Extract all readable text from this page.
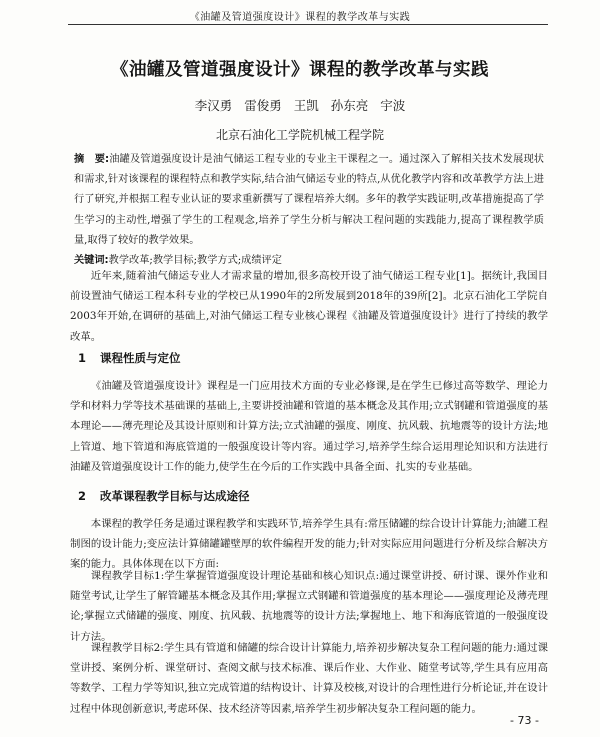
《油罐及管道强度设计》课程的教学改革与实践
《油罐及管道强度设计》课程的教学改革与实践
李汉勇 雷俊勇 王凯 孙东亮 宇波
北京石油化工学院机械工程学院
摘　要:油罐及管道强度设计是油气储运工程专业的专业主干课程之一。通过深入了解相关技术发展现状和需求,针对该课程的课程特点和教学实际,结合油气储运专业的特点,从优化教学内容和改革教学方法上进行了研究,并根据工程专业认证的要求重新撰写了课程培养大纲。多年的教学实践证明,改革措施提高了学生学习的主动性,增强了学生的工程观念,培养了学生分析与解决工程问题的实践能力,提高了课程教学质量,取得了较好的教学效果。
关键词:教学改革;教学目标;教学方式;成绩评定

近年来,随着油气储运专业人才需求量的增加,很多高校开设了油气储运工程专业[1]。据统计,我国目前设置油气储运工程本科专业的学校已从1990年的2所发展到2018年的39所[2]。北京石油化工学院自2003年开始,在调研的基础上,对油气储运工程专业核心课程《油罐及管道强度设计》进行了持续的教学改革。

1 课程性质与定位

《油罐及管道强度设计》课程是一门应用技术方面的专业必修课,是在学生已修过高等数学、理论力学和材料力学等技术基础课的基础上,主要讲授油罐和管道的基本概念及其作用;立式钢罐和管道强度的基本理论——薄壳理论及其设计原则和计算方法;立式油罐的强度、刚度、抗风载、抗地震等的设计方法;地上管道、地下管道和海底管道的一般强度设计等内容。通过学习,培养学生综合运用理论知识和方法进行油罐及管道强度设计工作的能力,使学生在今后的工作实践中具备全面、扎实的专业基础。

2 改革课程教学目标与达成途径

本课程的教学任务是通过课程教学和实践环节,培养学生具有:常压储罐的综合设计计算能力;油罐工程制图的设计能力;变应法计算储罐罐壁厚的软件编程开发的能力;针对实际应用问题进行分析及综合解决方案的能力。具体体现在以下方面:

课程教学目标1:学生掌握管道强度设计理论基础和核心知识点:通过课堂讲授、研讨课、课外作业和随堂考试,让学生了解管罐基本概念及其作用;掌握立式钢罐和管道强度的基本理论——强度理论及薄壳理论;掌握立式储罐的强度、刚度、抗风载、抗地震等的设计方法;掌握地上、地下和海底管道的一般强度设计方法。

课程教学目标2:学生具有管道和储罐的综合设计计算能力,培养初步解决复杂工程问题的能力:通过课堂讲授、案例分析、课堂研讨、查阅文献与技术标准、课后作业、大作业、随堂考试等,学生具有应用高等数学、工程力学等知识,独立完成管道的结构设计、计算及校核,对设计的合理性进行分析论证,并在设计过程中体现创新意识,考虑环保、技术经济等因素,培养学生初步解决复杂工程问题的能力。

- 73 -
